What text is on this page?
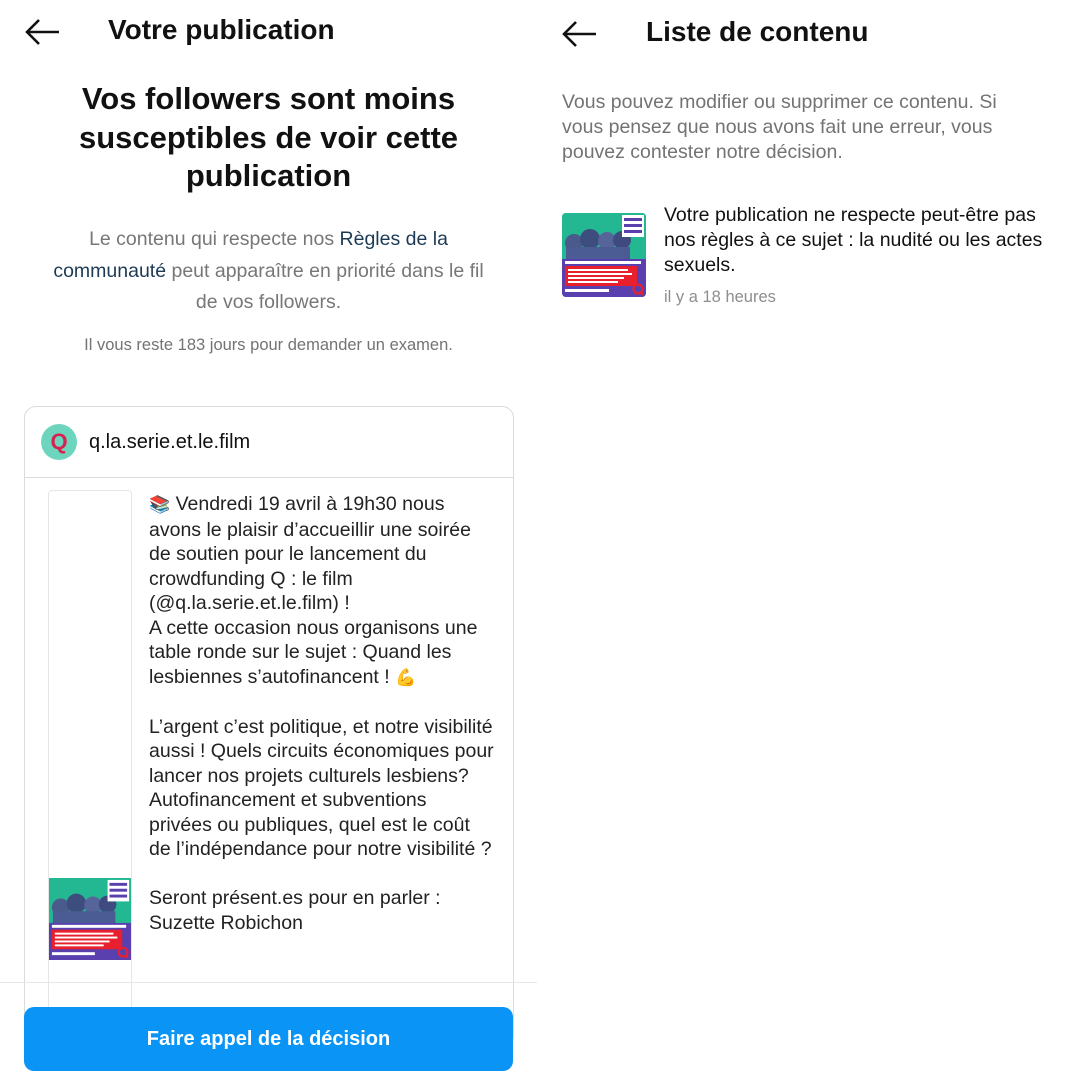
Votre publication
Vos followers sont moins susceptibles de voir cette publication
Le contenu qui respecte nos Règles de la communauté peut apparaître en priorité dans le fil de vos followers.
Il vous reste 183 jours pour demander un examen.
Q q.la.serie.et.le.film
📚 Vendredi 19 avril à 19h30 nous avons le plaisir d’accueillir une soirée de soutien pour le lancement du crowdfunding Q : le film (@q.la.serie.et.le.film) !
A cette occasion nous organisons une table ronde sur le sujet : Quand les lesbiennes s’autofinancent ! 💪

L’argent c’est politique, et notre visibilité aussi ! Quels circuits économiques pour lancer nos projets culturels lesbiens? Autofinancement et subventions privées ou publiques, quel est le coût de l’indépendance pour notre visibilité ?

Seront présent.es pour en parler : Suzette Robichon
Faire appel de la décision
Liste de contenu
Vous pouvez modifier ou supprimer ce contenu. Si vous pensez que nous avons fait une erreur, vous pouvez contester notre décision.
Votre publication ne respecte peut-être pas nos règles à ce sujet : la nudité ou les actes sexuels.
il y a 18 heures
